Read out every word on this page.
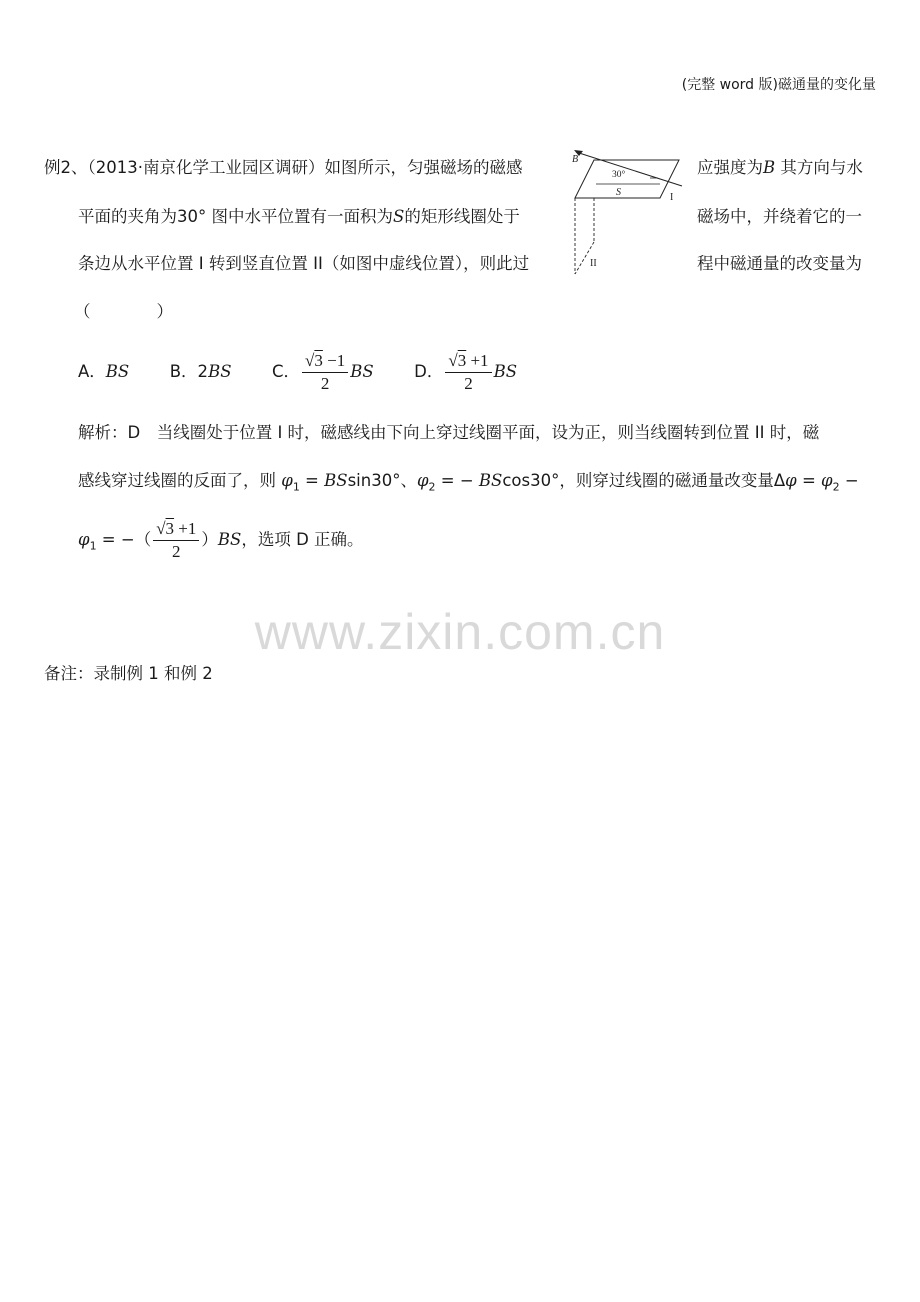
(完整 word 版)磁通量的变化量
例2、（2013·南京化学工业园区调研）如图所示，匀强磁场的磁感	应强度为B 其方向与水
平面的夹角为30° 图中水平位置有一面积为S的矩形线圈处于	磁场中，并绕着它的一
条边从水平位置 I 转到竖直位置 II（如图中虚线位置），则此过	程中磁通量的改变量为
（　　　　）
B
30°
S	I
II
A．BS B．2BS C． $\frac{√3 -1}{2}$ BS D． $\frac{√3 +1}{2}$ BS
解析：D　当线圈处于位置 I 时，磁感线由下向上穿过线圈平面，设为正，则当线圈转到位置 II 时，磁
感线穿过线圈的反面了，则 $\varphi_1 = BSsin30^\circ$、$\varphi_2$ = − BScos30°，则穿过线圈的磁通量改变量$\Delta\varphi = \varphi_2$ −
$\varphi_1$ = −（ $\frac{√3 +1}{2} )BS$，选项 D 正确。
www.zixin.com.cn
备注：录制例 1 和例 2
